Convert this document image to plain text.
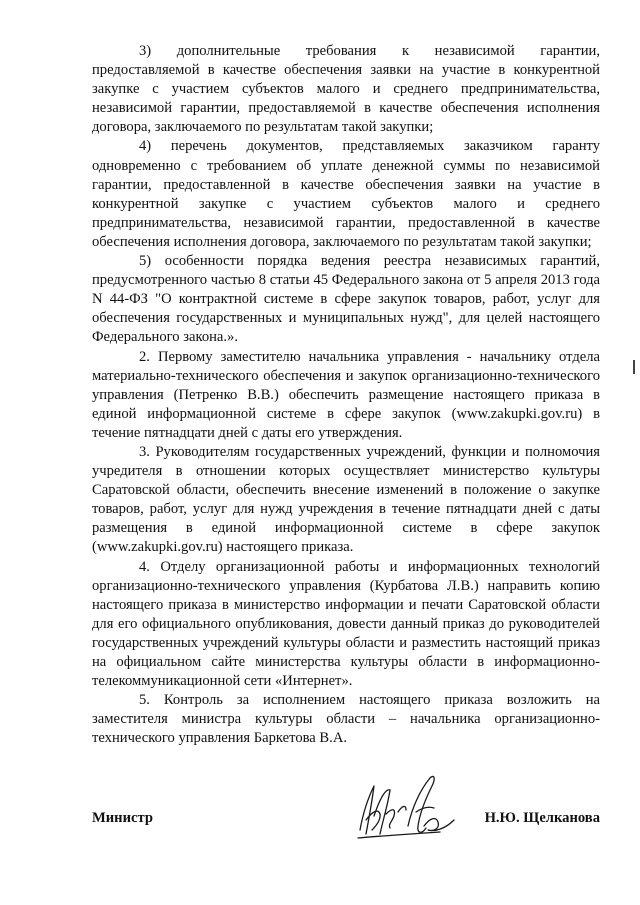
3) дополнительные требования к независимой гарантии, предоставляемой в качестве обеспечения заявки на участие в конкурентной закупке с участием субъектов малого и среднего предпринимательства, независимой гарантии, предоставляемой в качестве обеспечения исполнения договора, заключаемого по результатам такой закупки;

4) перечень документов, представляемых заказчиком гаранту одновременно с требованием об уплате денежной суммы по независимой гарантии, предоставленной в качестве обеспечения заявки на участие в конкурентной закупке с участием субъектов малого и среднего предпринимательства, независимой гарантии, предоставленной в качестве обеспечения исполнения договора, заключаемого по результатам такой закупки;

5) особенности порядка ведения реестра независимых гарантий, предусмотренного частью 8 статьи 45 Федерального закона от 5 апреля 2013 года N 44-ФЗ "О контрактной системе в сфере закупок товаров, работ, услуг для обеспечения государственных и муниципальных нужд", для целей настоящего Федерального закона.».

2. Первому заместителю начальника управления - начальнику отдела материально-технического обеспечения и закупок организационно-технического управления (Петренко В.В.) обеспечить размещение настоящего приказа в единой информационной системе в сфере закупок (www.zakupki.gov.ru) в течение пятнадцати дней с даты его утверждения.

3. Руководителям государственных учреждений, функции и полномочия учредителя в отношении которых осуществляет министерство культуры Саратовской области, обеспечить внесение изменений в положение о закупке товаров, работ, услуг для нужд учреждения в течение пятнадцати дней с даты размещения в единой информационной системе в сфере закупок (www.zakupki.gov.ru) настоящего приказа.

4. Отделу организационной работы и информационных технологий организационно-технического управления (Курбатова Л.В.) направить копию настоящего приказа в министерство информации и печати Саратовской области для его официального опубликования, довести данный приказ до руководителей государственных учреждений культуры области и разместить настоящий приказ на официальном сайте министерства культуры области в информационно-телекоммуникационной сети «Интернет».

5. Контроль за исполнением настоящего приказа возложить на заместителя министра культуры области – начальника организационно-технического управления Баркетова В.А.

Министр	Н.Ю. Щелканова
